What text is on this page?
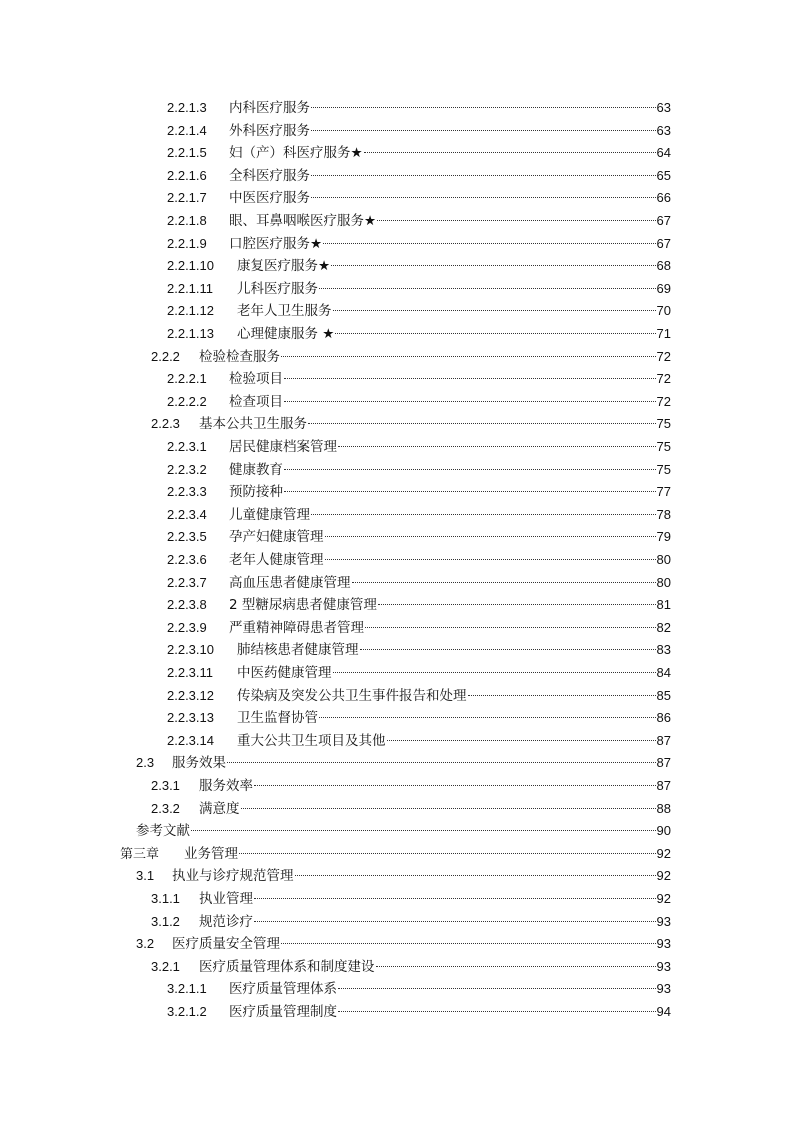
2.2.1.3	内科医疗服务	63
2.2.1.4	外科医疗服务	63
2.2.1.5	妇（产）科医疗服务★	64
2.2.1.6	全科医疗服务	65
2.2.1.7	中医医疗服务	66
2.2.1.8	眼、耳鼻咽喉医疗服务★	67
2.2.1.9	口腔医疗服务★	67
2.2.1.10	康复医疗服务★	68
2.2.1.11	儿科医疗服务	69
2.2.1.12	老年人卫生服务	70
2.2.1.13	心理健康服务 ★	71
2.2.2	检验检查服务	72
2.2.2.1	检验项目	72
2.2.2.2	检查项目	72
2.2.3	基本公共卫生服务	75
2.2.3.1	居民健康档案管理	75
2.2.3.2	健康教育	75
2.2.3.3	预防接种	77
2.2.3.4	儿童健康管理	78
2.2.3.5	孕产妇健康管理	79
2.2.3.6	老年人健康管理	80
2.2.3.7	高血压患者健康管理	80
2.2.3.8	2 型糖尿病患者健康管理	81
2.2.3.9	严重精神障碍患者管理	82
2.2.3.10	肺结核患者健康管理	83
2.2.3.11	中医药健康管理	84
2.2.3.12	传染病及突发公共卫生事件报告和处理	85
2.2.3.13	卫生监督协管	86
2.2.3.14	重大公共卫生项目及其他	87
2.3	服务效果	87
2.3.1	服务效率	87
2.3.2	满意度	88
参考文献	90
第三章	业务管理	92
3.1	执业与诊疗规范管理	92
3.1.1	执业管理	92
3.1.2	规范诊疗	93
3.2	医疗质量安全管理	93
3.2.1	医疗质量管理体系和制度建设	93
3.2.1.1	医疗质量管理体系	93
3.2.1.2	医疗质量管理制度	94
